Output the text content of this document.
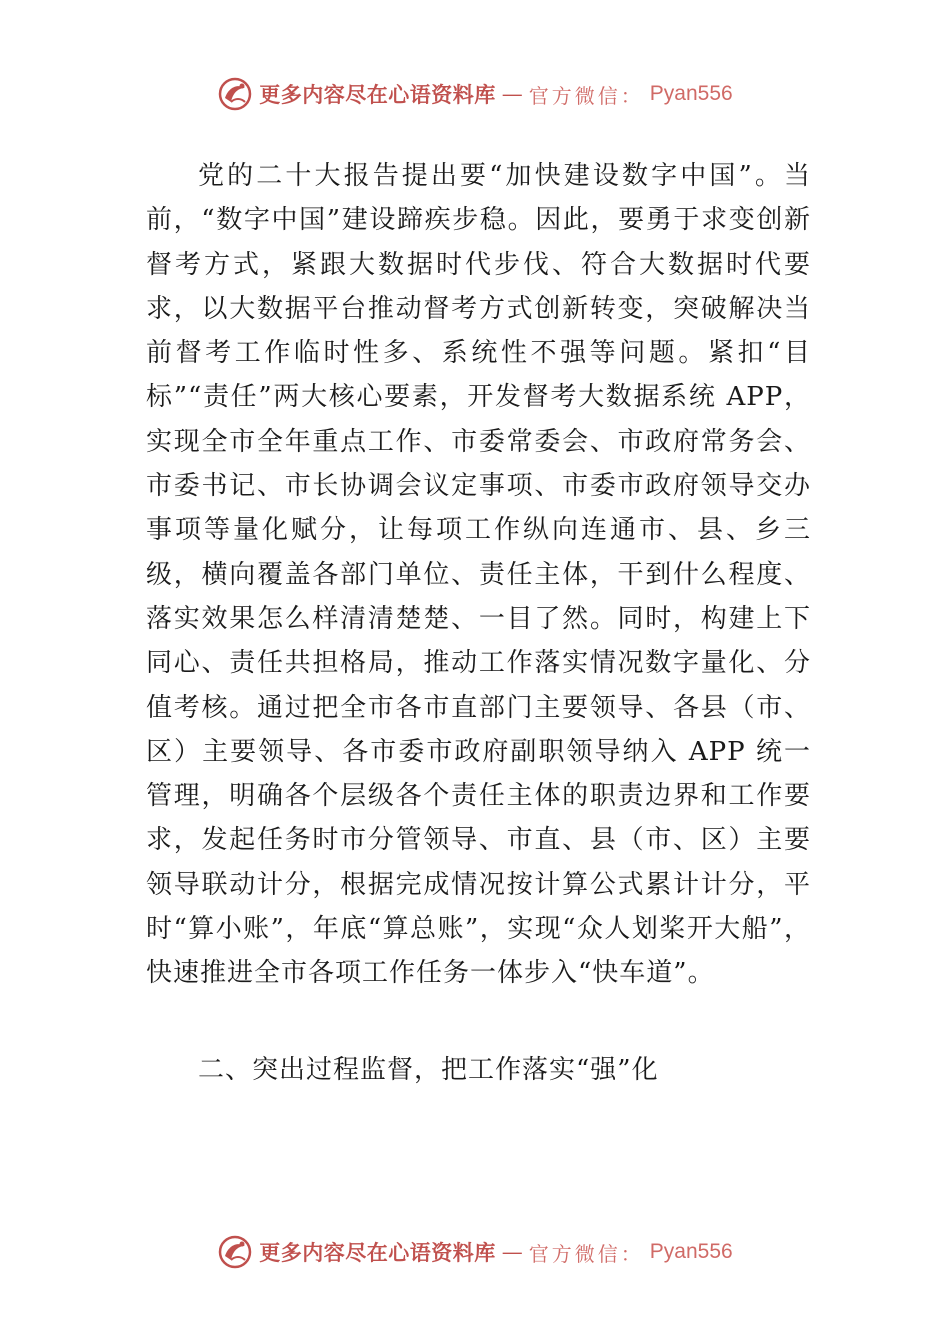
更多内容尽在心语资料库 — 官方微信： Pyan556

党的二十大报告提出要“加快建设数字中国”。当前，“数字中国”建设蹄疾步稳。因此，要勇于求变创新督考方式，紧跟大数据时代步伐、符合大数据时代要求，以大数据平台推动督考方式创新转变，突破解决当前督考工作临时性多、系统性不强等问题。紧扣“目标”“责任”两大核心要素，开发督考大数据系统 APP，实现全市全年重点工作、市委常委会、市政府常务会、市委书记、市长协调会议定事项、市委市政府领导交办事项等量化赋分，让每项工作纵向连通市、县、乡三级，横向覆盖各部门单位、责任主体，干到什么程度、落实效果怎么样清清楚楚、一目了然。同时，构建上下同心、责任共担格局，推动工作落实情况数字量化、分值考核。通过把全市各市直部门主要领导、各县（市、区）主要领导、各市委市政府副职领导纳入 APP 统一管理，明确各个层级各个责任主体的职责边界和工作要求，发起任务时市分管领导、市直、县（市、区）主要领导联动计分，根据完成情况按计算公式累计计分，平时“算小账”，年底“算总账”，实现“众人划桨开大船”，快速推进全市各项工作任务一体步入“快车道”。

二、突出过程监督，把工作落实“强”化
更多内容尽在心语资料库 — 官方微信： Pyan556
